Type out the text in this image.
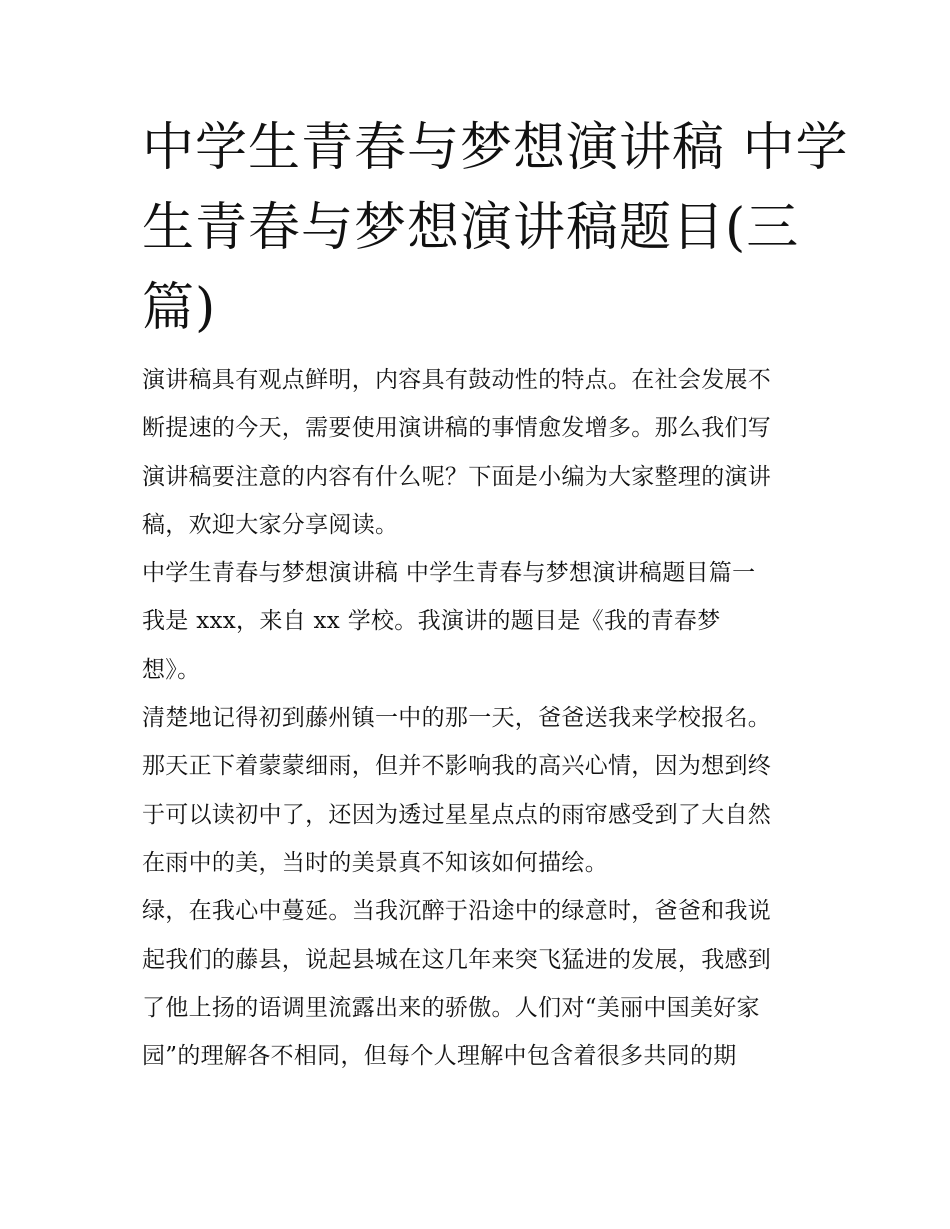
中学生青春与梦想演讲稿 中学
生青春与梦想演讲稿题目(三
篇)
演讲稿具有观点鲜明，内容具有鼓动性的特点。在社会发展不
断提速的今天，需要使用演讲稿的事情愈发增多。那么我们写
演讲稿要注意的内容有什么呢？下面是小编为大家整理的演讲
稿，欢迎大家分享阅读。
中学生青春与梦想演讲稿 中学生青春与梦想演讲稿题目篇一
我是 xxx，来自 xx 学校。我演讲的题目是《我的青春梦
想》。
清楚地记得初到藤州镇一中的那一天，爸爸送我来学校报名。
那天正下着蒙蒙细雨，但并不影响我的高兴心情，因为想到终
于可以读初中了，还因为透过星星点点的雨帘感受到了大自然
在雨中的美，当时的美景真不知该如何描绘。
绿，在我心中蔓延。当我沉醉于沿途中的绿意时，爸爸和我说
起我们的藤县，说起县城在这几年来突飞猛进的发展，我感到
了他上扬的语调里流露出来的骄傲。人们对“美丽中国美好家
园”的理解各不相同，但每个人理解中包含着很多共同的期
